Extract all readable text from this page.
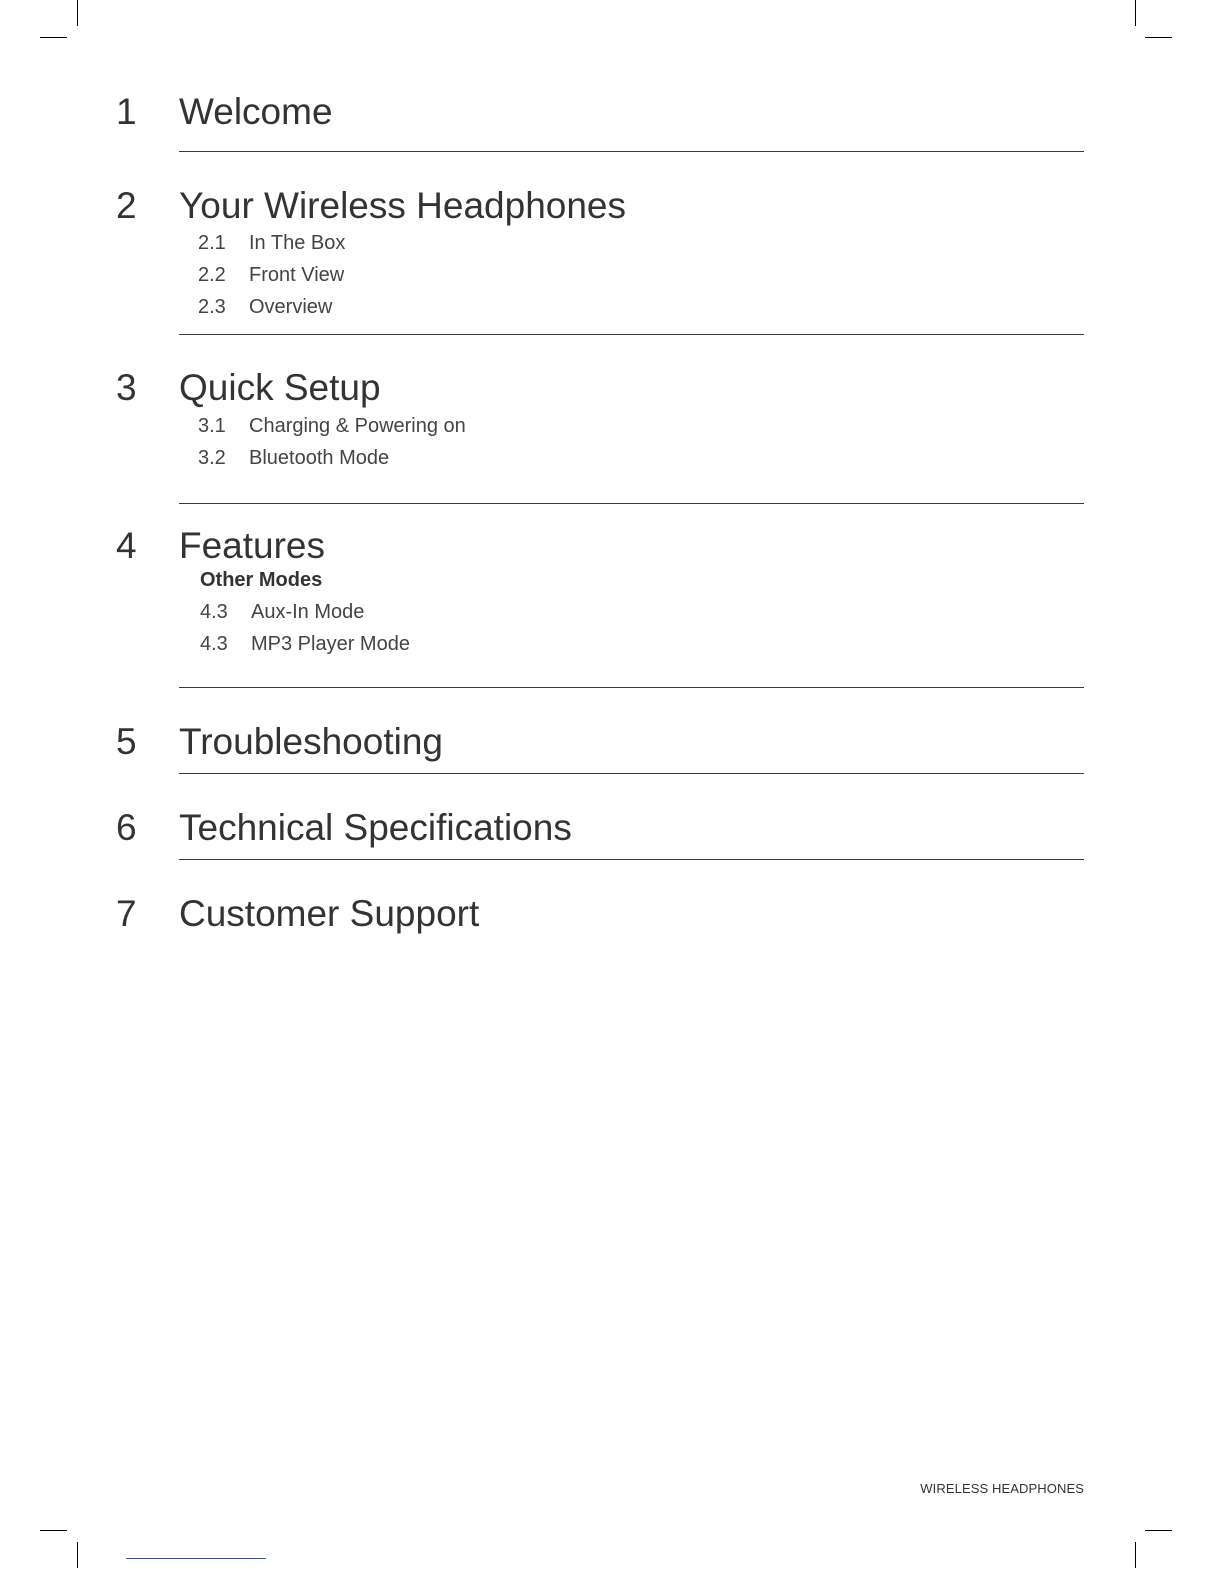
1 Welcome
2 Your Wireless Headphones
2.1 In The Box
2.2 Front View
2.3 Overview
3 Quick Setup
3.1 Charging & Powering on
3.2 Bluetooth Mode
4 Features
Other Modes
4.3 Aux-In Mode
4.3 MP3 Player Mode
5 Troubleshooting
6 Technical Specifications
7 Customer Support
WIRELESS HEADPHONES
